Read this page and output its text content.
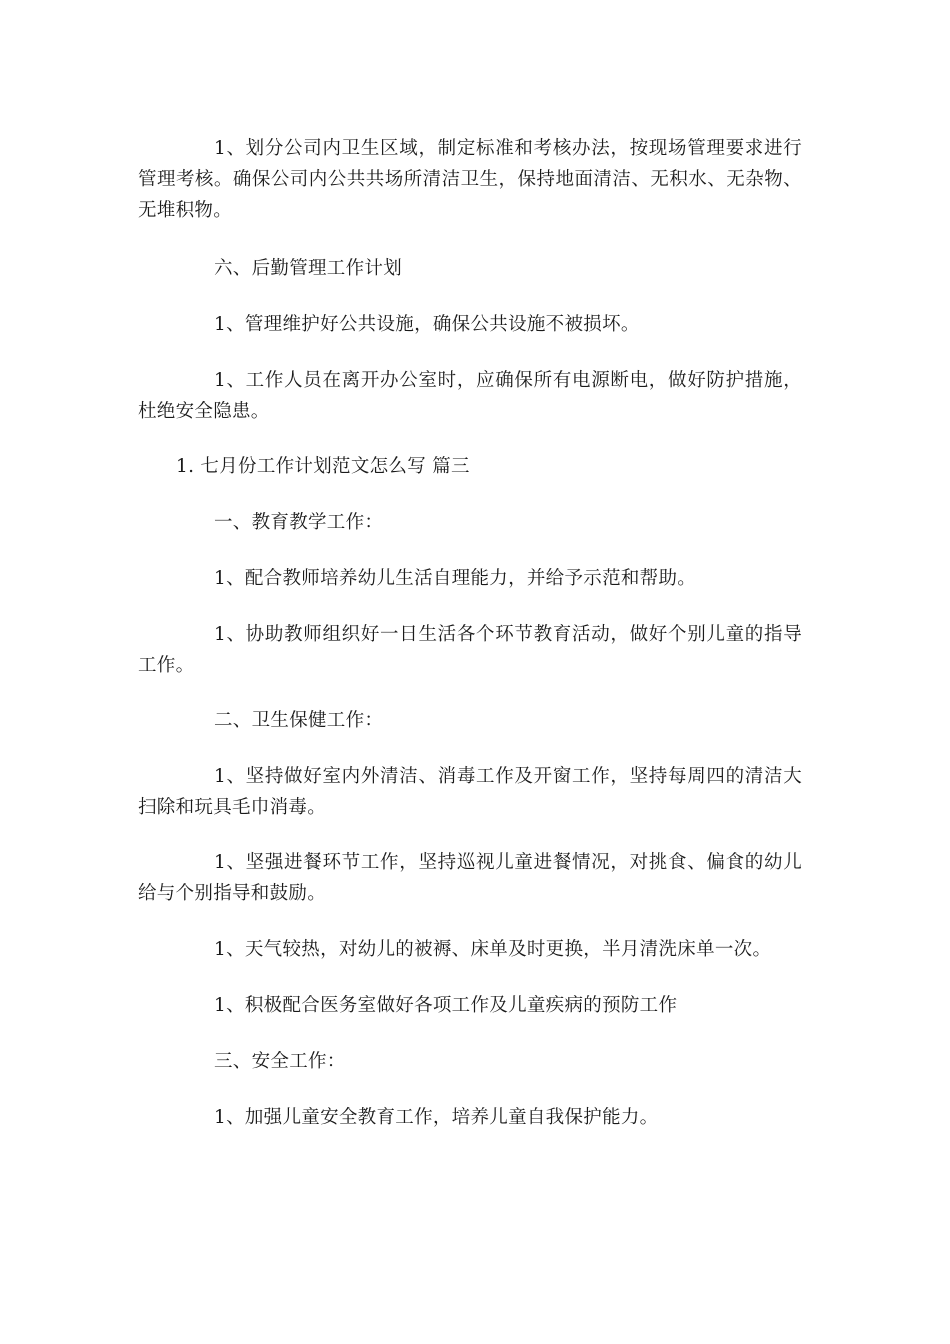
1、划分公司内卫生区域，制定标准和考核办法，按现场管理要求进行管理考核。确保公司内公共共场所清洁卫生，保持地面清洁、无积水、无杂物、无堆积物。

六、后勤管理工作计划

1、管理维护好公共设施，确保公共设施不被损坏。

1、工作人员在离开办公室时，应确保所有电源断电，做好防护措施，杜绝安全隐患。

1. 七月份工作计划范文怎么写 篇三

一、教育教学工作：

1、配合教师培养幼儿生活自理能力，并给予示范和帮助。

1、协助教师组织好一日生活各个环节教育活动，做好个别儿童的指导工作。

二、卫生保健工作：

1、坚持做好室内外清洁、消毒工作及开窗工作，坚持每周四的清洁大扫除和玩具毛巾消毒。

1、坚强进餐环节工作，坚持巡视儿童进餐情况，对挑食、偏食的幼儿给与个别指导和鼓励。

1、天气较热，对幼儿的被褥、床单及时更换，半月清洗床单一次。

1、积极配合医务室做好各项工作及儿童疾病的预防工作

三、安全工作：

1、加强儿童安全教育工作，培养儿童自我保护能力。
